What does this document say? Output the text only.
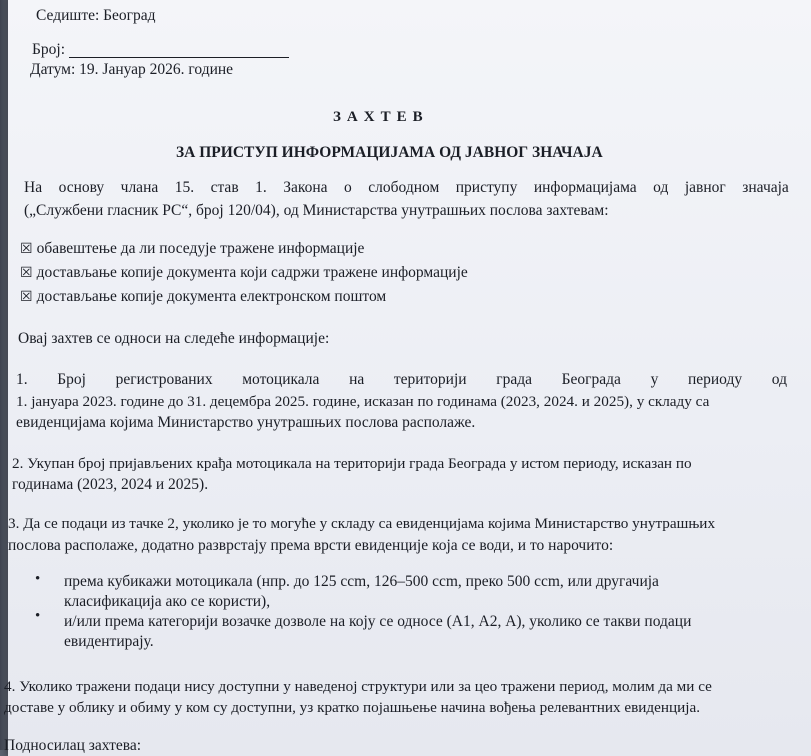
Седиште: Београд
Број:
Датум: 19. Јануар 2026. године
ЗАХТЕВ
ЗА ПРИСТУП ИНФОРМАЦИЈАМА ОД ЈАВНОГ ЗНАЧАЈА
На основу члана 15. став 1. Закона о слободном приступу информацијама од јавног значаја
(„Службени гласник РС“, број 120/04), од Министарства унутрашњих послова захтевам:
☒ обавештење да ли поседује тражене информације
☒ достављање копије документа који садржи тражене информације
☒ достављање копије документа електронском поштом
Овај захтев се односи на следеће информације:
1. Број регистрованих мотоцикала на територији града Београда у периоду од
1. јануара 2023. године до 31. децембра 2025. године, исказан по годинама (2023, 2024. и 2025), у складу са
евиденцијама којима Министарство унутрашњих послова располаже.
2. Укупан број пријављених крађа мотоцикала на територији града Београда у истом периоду, исказан по
годинама (2023, 2024 и 2025).
3. Да се подаци из тачке 2, уколико је то могуће у складу са евиденцијама којима Министарство унутрашњих
послова располаже, додатно разврстају према врсти евиденције која се води, и то нарочито:
• према кубикажи мотоцикала (нпр. до 125 ccm, 126–500 ccm, преко 500 ccm, или другачија
класификација ако се користи),
• и/или према категорији возачке дозволе на коју се односе (А1, А2, А), уколико се такви подаци
евидентирају.
4. Уколико тражени подаци нису доступни у наведеној структури или за цео тражени период, молим да ми се
доставе у облику и обиму у ком су доступни, уз кратко појашњење начина вођења релевантних евиденција.
Подносилац захтева:
